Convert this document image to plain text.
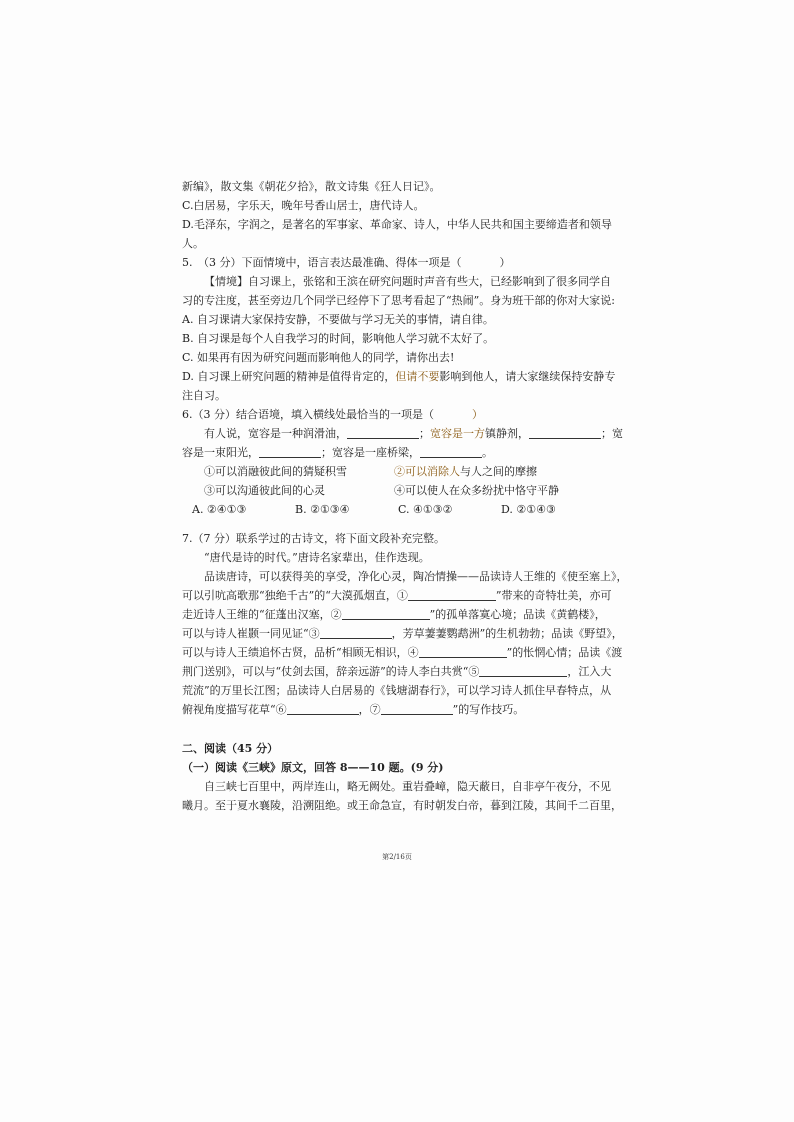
新编》，散文集《朝花夕拾》，散文诗集《狂人日记》。
C.白居易，字乐天，晚年号香山居士，唐代诗人。
D.毛泽东，字润之，是著名的军事家、革命家、诗人，中华人民共和国主要缔造者和领导
人。
5.　（3 分）下面情境中，语言表达最准确、得体一项是（	）
【情境】自习课上，张铭和王滨在研究问题时声音有些大，已经影响到了很多同学自
习的专注度，甚至旁边几个同学已经停下了思考看起了“热闹”。身为班干部的你对大家说:
A. 自习课请大家保持安静，不要做与学习无关的事情，请自律。
B. 自习课是每个人自我学习的时间，影响他人学习就不太好了。
C. 如果再有因为研究问题而影响他人的同学，请你出去!
D. 自习课上研究问题的精神是值得肯定的，但请不要影响到他人，请大家继续保持安静专
注自习。
6.（3 分）结合语境，填入横线处最恰当的一项是（	）
有人说，宽容是一种润滑油，	；宽容是一方镇静剂，	；宽
容是一束阳光，	；宽容是一座桥梁，	。
①可以消融彼此间的猜疑积雪	②可以消除人与人之间的摩擦
③可以沟通彼此间的心灵	④可以使人在众多纷扰中恪守平静
A. ②④①③	B. ②①③④	C. ④①③②	D. ②①④③
7.（7 分）联系学过的古诗文，将下面文段补充完整。
“唐代是诗的时代。”唐诗名家辈出，佳作迭现。
品读唐诗，可以获得美的享受，净化心灵，陶冶情操——品读诗人王维的《使至塞上》，
可以引吭高歌那“独绝千古”的“大漠孤烟直，①	”带来的奇特壮美，亦可
走近诗人王维的“征蓬出汉塞，②	”的孤单落寞心境；品读《黄鹤楼》，
可以与诗人崔颢一同见证“③	，芳草萋萋鹦鹉洲”的生机勃勃；品读《野望》，
可以与诗人王绩追怀古贤，品析“相顾无相识，④	”的怅惘心情；品读《渡
荆门送别》，可以与“仗剑去国，辞亲远游”的诗人李白共赏“⑤	，江入大
荒流”的万里长江图；品读诗人白居易的《钱塘湖春行》，可以学习诗人抓住早春特点，从
俯视角度描写花草“⑥	，⑦	”的写作技巧。
二、阅读（45 分）
（一）阅读《三峡》原文，回答 8——10 题。(9 分)
自三峡七百里中，两岸连山，略无阙处。重岩叠嶂，隐天蔽日，自非亭午夜分，不见
曦月。至于夏水襄陵，沿溯阻绝。或王命急宣，有时朝发白帝，暮到江陵，其间千二百里，
第2/16页
